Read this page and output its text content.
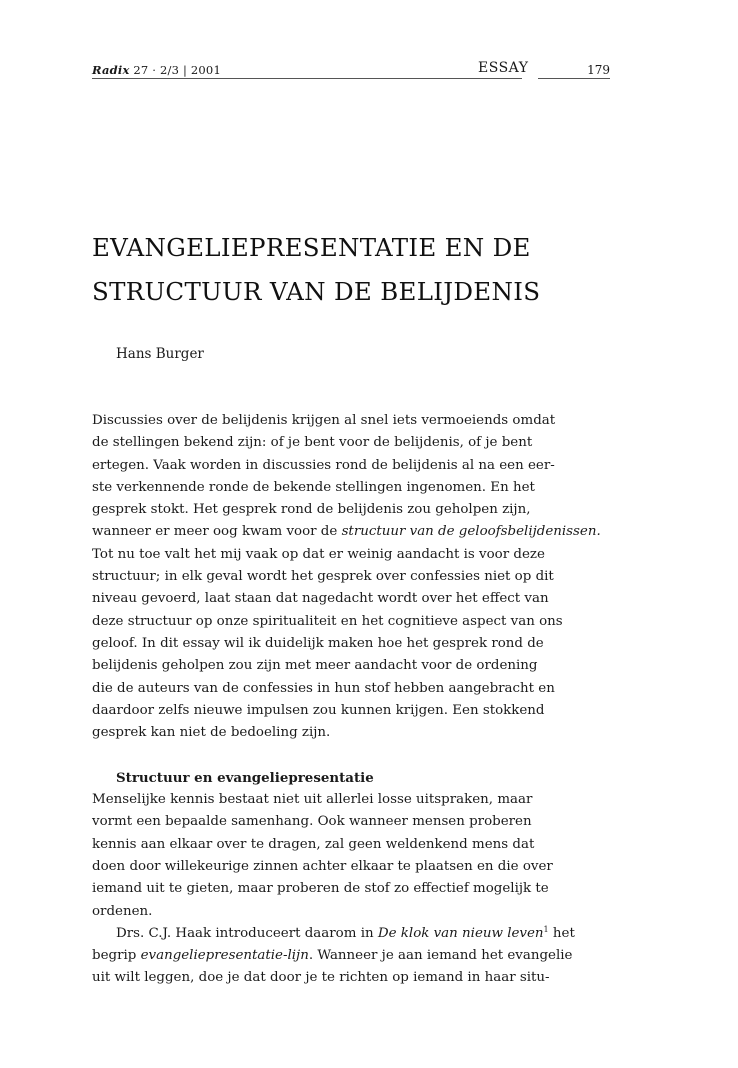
Radix 27 · 2/3 | 2001	ESSAY	179
EVANGELIEPRESENTATIE EN DE
STRUCTUUR VAN DE BELIJDENIS
Hans Burger
Discussies over de belijdenis krijgen al snel iets vermoeiends omdat
de stellingen bekend zijn: of je bent voor de belijdenis, of je bent
ertegen. Vaak worden in discussies rond de belijdenis al na een eer-
ste verkennende ronde de bekende stellingen ingenomen. En het
gesprek stokt. Het gesprek rond de belijdenis zou geholpen zijn,
wanneer er meer oog kwam voor de structuur van de geloofsbelijdenissen.
Tot nu toe valt het mij vaak op dat er weinig aandacht is voor deze
structuur; in elk geval wordt het gesprek over confessies niet op dit
niveau gevoerd, laat staan dat nagedacht wordt over het effect van
deze structuur op onze spiritualiteit en het cognitieve aspect van ons
geloof. In dit essay wil ik duidelijk maken hoe het gesprek rond de
belijdenis geholpen zou zijn met meer aandacht voor de ordening
die de auteurs van de confessies in hun stof hebben aangebracht en
daardoor zelfs nieuwe impulsen zou kunnen krijgen. Een stokkend
gesprek kan niet de bedoeling zijn.
Structuur en evangeliepresentatie
Menselijke kennis bestaat niet uit allerlei losse uitspraken, maar
vormt een bepaalde samenhang. Ook wanneer mensen proberen
kennis aan elkaar over te dragen, zal geen weldenkend mens dat
doen door willekeurige zinnen achter elkaar te plaatsen en die over
iemand uit te gieten, maar proberen de stof zo effectief mogelijk te
ordenen.
Drs. C.J. Haak introduceert daarom in De klok van nieuw leven$^1$ het
begrip evangeliepresentatie-lijn. Wanneer je aan iemand het evangelie
uit wilt leggen, doe je dat door je te richten op iemand in haar situ-
